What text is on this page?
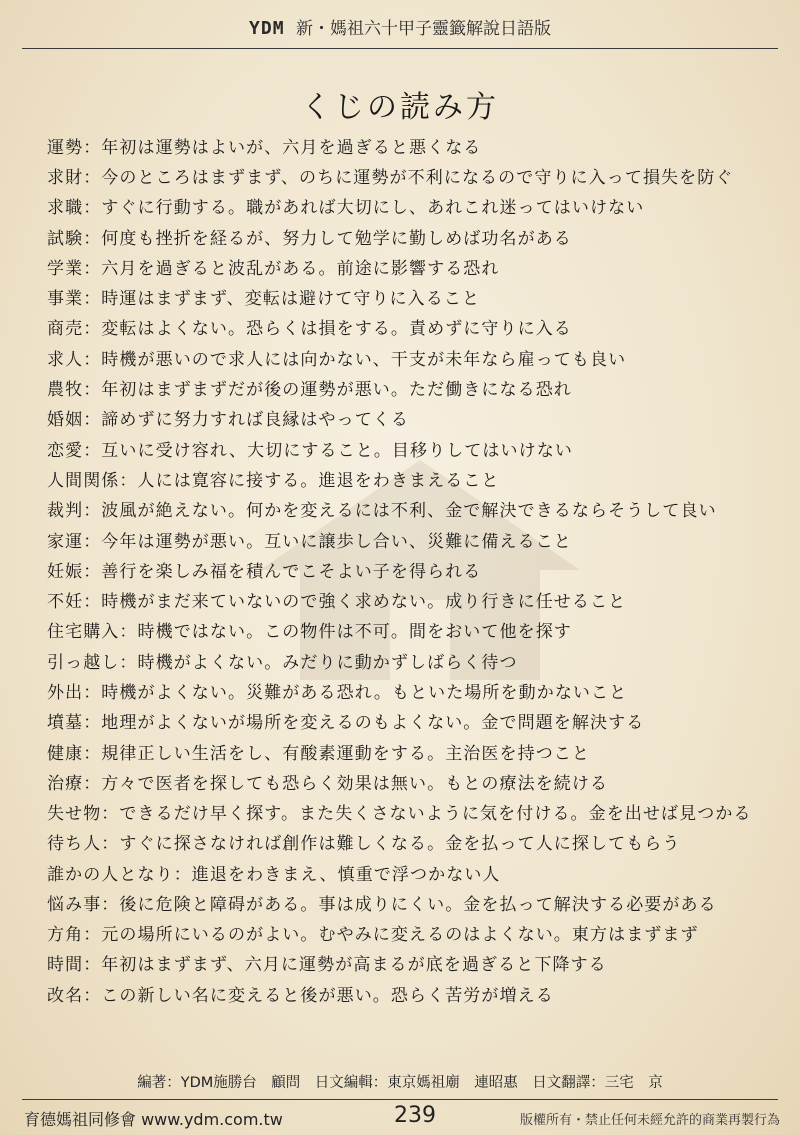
YDM 新・媽祖六十甲子靈籤解說日語版
くじの読み方
運勢：年初は運勢はよいが、六月を過ぎると悪くなる
求財：今のところはまずまず、のちに運勢が不利になるので守りに入って損失を防ぐ
求職：すぐに行動する。職があれば大切にし、あれこれ迷ってはいけない
試験：何度も挫折を経るが、努力して勉学に勤しめば功名がある
学業：六月を過ぎると波乱がある。前途に影響する恐れ
事業：時運はまずまず、変転は避けて守りに入ること
商売：変転はよくない。恐らくは損をする。責めずに守りに入る
求人：時機が悪いので求人には向かない、干支が未年なら雇っても良い
農牧：年初はまずまずだが後の運勢が悪い。ただ働きになる恐れ
婚姻：諦めずに努力すれば良縁はやってくる
恋愛：互いに受け容れ、大切にすること。目移りしてはいけない
人間関係：人には寛容に接する。進退をわきまえること
裁判：波風が絶えない。何かを変えるには不利、金で解決できるならそうして良い
家運：今年は運勢が悪い。互いに譲歩し合い、災難に備えること
妊娠：善行を楽しみ福を積んでこそよい子を得られる
不妊：時機がまだ来ていないので強く求めない。成り行きに任せること
住宅購入：時機ではない。この物件は不可。間をおいて他を探す
引っ越し：時機がよくない。みだりに動かずしばらく待つ
外出：時機がよくない。災難がある恐れ。もといた場所を動かないこと
墳墓：地理がよくないが場所を変えるのもよくない。金で問題を解決する
健康：規律正しい生活をし、有酸素運動をする。主治医を持つこと
治療：方々で医者を探しても恐らく効果は無い。もとの療法を続ける
失せ物：できるだけ早く探す。また失くさないように気を付ける。金を出せば見つかる
待ち人：すぐに探さなければ創作は難しくなる。金を払って人に探してもらう
誰かの人となり：進退をわきまえ、慎重で浮つかない人
悩み事：後に危険と障碍がある。事は成りにくい。金を払って解決する必要がある
方角：元の場所にいるのがよい。むやみに変えるのはよくない。東方はまずまず
時間：年初はまずまず、六月に運勢が高まるが底を過ぎると下降する
改名：この新しい名に変えると後が悪い。恐らく苦労が増える
編著：YDM施勝台　顧問　日文編輯：東京媽祖廟　連昭惠　日文翻譯：三宅　京
育德媽祖同修會 www.ydm.com.tw	239	版權所有・禁止任何未經允許的商業再製行為
